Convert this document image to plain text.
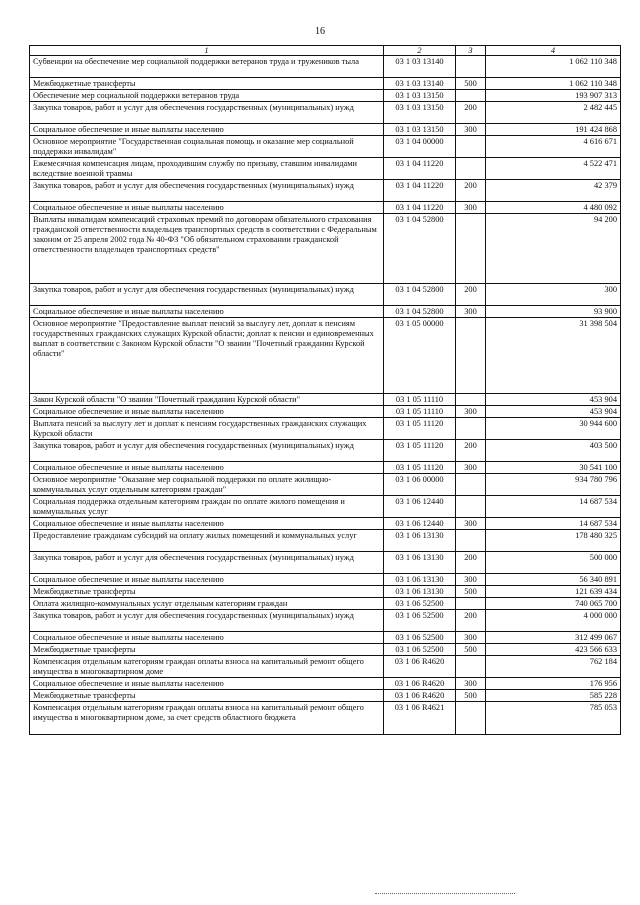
16
1	2	3	4
Субвенции на обеспечение мер социальной поддержки ветеранов труда и тружеников тыла	03 1 03 13140		1 062 110 348
Межбюджетные трансферты	03 1 03 13140	500	1 062 110 348
Обеспечение мер социальной поддержки ветеранов труда	03 1 03 13150		193 907 313
Закупка товаров, работ и услуг для обеспечения государственных (муниципальных) нужд	03 1 03 13150	200	2 482 445
Социальное обеспечение и иные выплаты населению	03 1 03 13150	300	191 424 868
Основное мероприятие "Государственная социальная помощь и оказание мер социальной поддержки инвалидам"	03 1 04 00000		4 616 671
Ежемесячная компенсация лицам, проходившим службу по призыву, ставшим инвалидами вследствие военной травмы	03 1 04 11220		4 522 471
Закупка товаров, работ и услуг для обеспечения государственных (муниципальных) нужд	03 1 04 11220	200	42 379
Социальное обеспечение и иные выплаты населению	03 1 04 11220	300	4 480 092
Выплаты инвалидам компенсаций страховых премий по договорам обязательного страхования гражданской ответственности владельцев транспортных средств в соответствии с Федеральным законом от 25 апреля 2002 года № 40-ФЗ "Об обязательном страховании гражданской ответственности владельцев транспортных средств"	03 1 04 52800		94 200
Закупка товаров, работ и услуг для обеспечения государственных (муниципальных) нужд	03 1 04 52800	200	300
Социальное обеспечение и иные выплаты населению	03 1 04 52800	300	93 900
Основное мероприятие "Предоставление выплат пенсий за выслугу лет, доплат к пенсиям государственных гражданских служащих Курской области; доплат к пенсии и единовременных выплат в соответствии с Законом Курской области "О звании "Почетный гражданин Курской области"	03 1 05 00000		31 398 504
Закон Курской области "О звании "Почетный гражданин Курской области"	03 1 05 11110		453 904
Социальное обеспечение и иные выплаты населению	03 1 05 11110	300	453 904
Выплата пенсий за выслугу лет и доплат к пенсиям государственных гражданских служащих Курской области	03 1 05 11120		30 944 600
Закупка товаров, работ и услуг для обеспечения государственных (муниципальных) нужд	03 1 05 11120	200	403 500
Социальное обеспечение и иные выплаты населению	03 1 05 11120	300	30 541 100
Основное мероприятие "Оказание мер социальной поддержки по оплате жилищно-коммунальных услуг отдельным категориям граждан"	03 1 06 00000		934 780 796
Социальная поддержка отдельным категориям граждан по оплате жилого помещения и коммунальных услуг	03 1 06 12440		14 687 534
Социальное обеспечение и иные выплаты населению	03 1 06 12440	300	14 687 534
Предоставление гражданам субсидий на оплату жилых помещений и коммунальных услуг	03 1 06 13130		178 480 325
Закупка товаров, работ и услуг для обеспечения государственных (муниципальных) нужд	03 1 06 13130	200	500 000
Социальное обеспечение и иные выплаты населению	03 1 06 13130	300	56 340 891
Межбюджетные трансферты	03 1 06 13130	500	121 639 434
Оплата жилищно-коммунальных услуг отдельным категориям граждан	03 1 06 52500		740 065 700
Закупка товаров, работ и услуг для обеспечения государственных (муниципальных) нужд	03 1 06 52500	200	4 000 000
Социальное обеспечение и иные выплаты населению	03 1 06 52500	300	312 499 067
Межбюджетные трансферты	03 1 06 52500	500	423 566 633
Компенсация отдельным категориям граждан оплаты взноса на капитальный ремонт общего имущества в многоквартирном доме	03 1 06 R4620		762 184
Социальное обеспечение и иные выплаты населению	03 1 06 R4620	300	176 956
Межбюджетные трансферты	03 1 06 R4620	500	585 228
Компенсация отдельным категориям граждан оплаты взноса на капитальный ремонт общего имущества в многоквартирном доме, за счет средств областного бюджета	03 1 06 R4621		785 053
